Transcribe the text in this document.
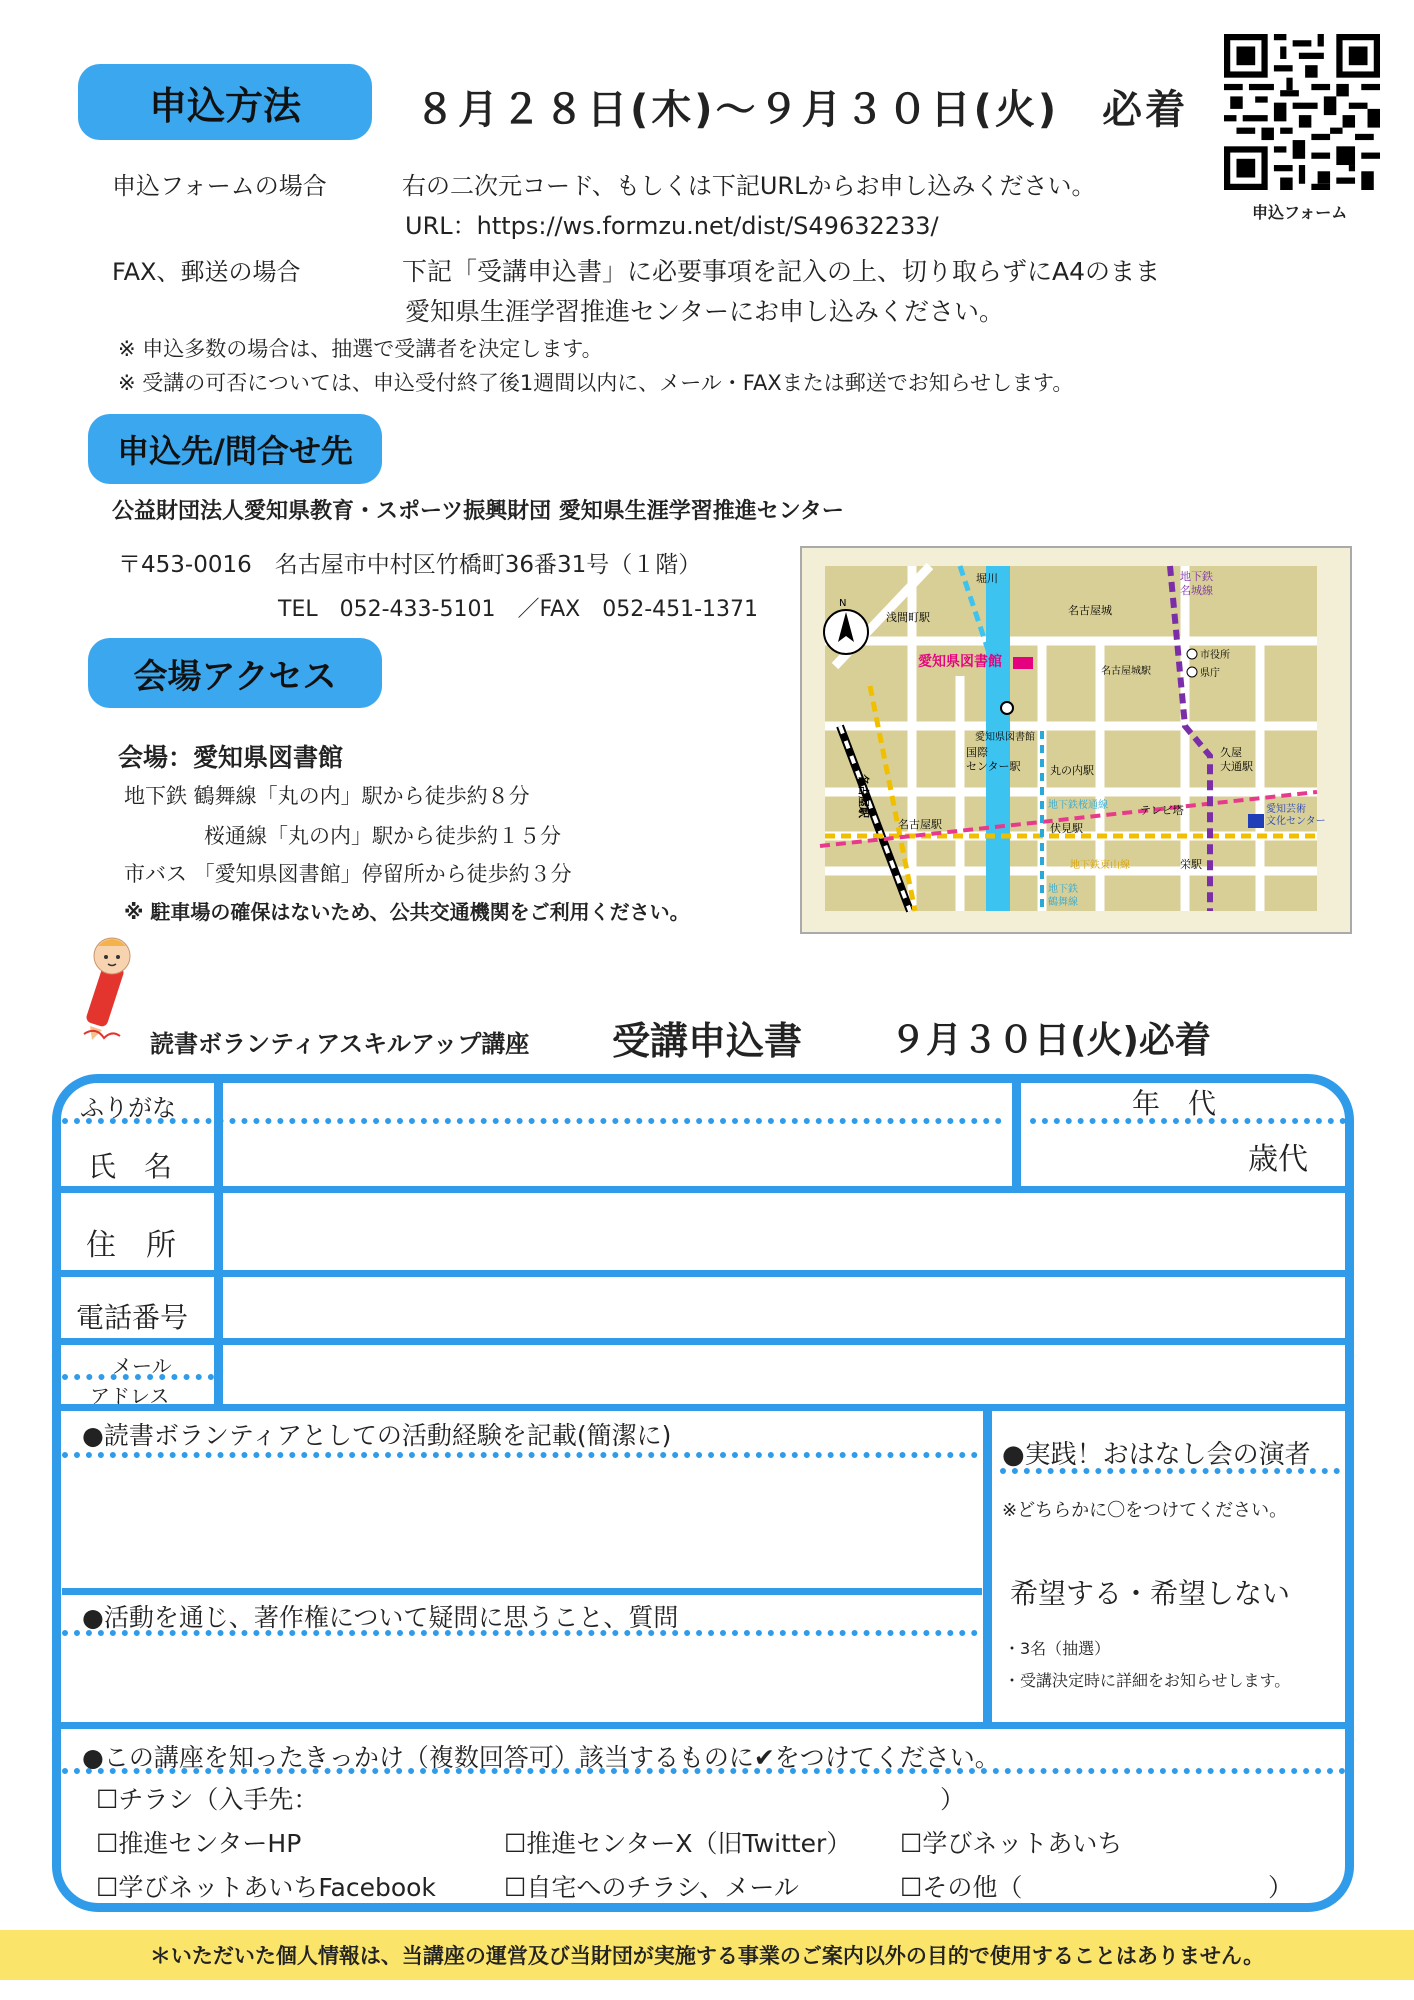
申込方法	８月２８日(木)～９月３０日(火)　必着
申込フォームの場合	右の二次元コード、もしくは下記URLからお申し込みください。
URL：https://ws.formzu.net/dist/S49632233/
FAX、郵送の場合	下記「受講申込書」に必要事項を記入の上、切り取らずにA4のまま
愛知県生涯学習推進センターにお申し込みください。
※ 申込多数の場合は、抽選で受講者を決定します。
※ 受講の可否については、申込受付終了後1週間以内に、メール・FAXまたは郵送でお知らせします。
申込フォーム
申込先/問合せ先
公益財団法人愛知県教育・スポーツ振興財団 愛知県生涯学習推進センター
〒453-0016　名古屋市中村区竹橋町36番31号（１階）
TEL　052-433-5101　／FAX　052-451-1371
会場アクセス
会場：愛知県図書館
地下鉄 鶴舞線「丸の内」駅から徒歩約８分
桜通線「丸の内」駅から徒歩約１５分
市バス 「愛知県図書館」停留所から徒歩約３分
※ 駐車場の確保はないため、公共交通機関をご利用ください。
N
浅間町駅
堀川
名古屋城
地下鉄名城線
愛知県図書館
愛知県図書館
名古屋城駅
市役所
県庁
国際センター駅	丸の内駅
久屋大通駅
名古屋駅
名古屋駅
地下鉄桜通線	テレビ塔	愛知芸術文化センター
伏見駅
地下鉄東山線	栄駅
地下鉄鶴舞線
読書ボランティアスキルアップ講座 受講申込書 ９月３０日(火)必着
ふりがな
氏　名
年　代
歳代
住　所
電話番号
メール
アドレス
●読書ボランティアとしての活動経験を記載(簡潔に)
●活動を通じ、著作権について疑問に思うこと、質問
●実践！おはなし会の演者
※どちらかに〇をつけてください。
希望する・希望しない
・3名（抽選）
・受講決定時に詳細をお知らせします。
●この講座を知ったきっかけ（複数回答可）該当するものに✔をつけてください。
☐チラシ（入手先：	）
☐推進センターHP	☐推進センターX（旧Twitter） ☐学びネットあいち
☐学びネットあいちFacebook	☐自宅へのチラシ、メール	☐その他（	）
＊いただいた個人情報は、当講座の運営及び当財団が実施する事業のご案内以外の目的で使用することはありません。
